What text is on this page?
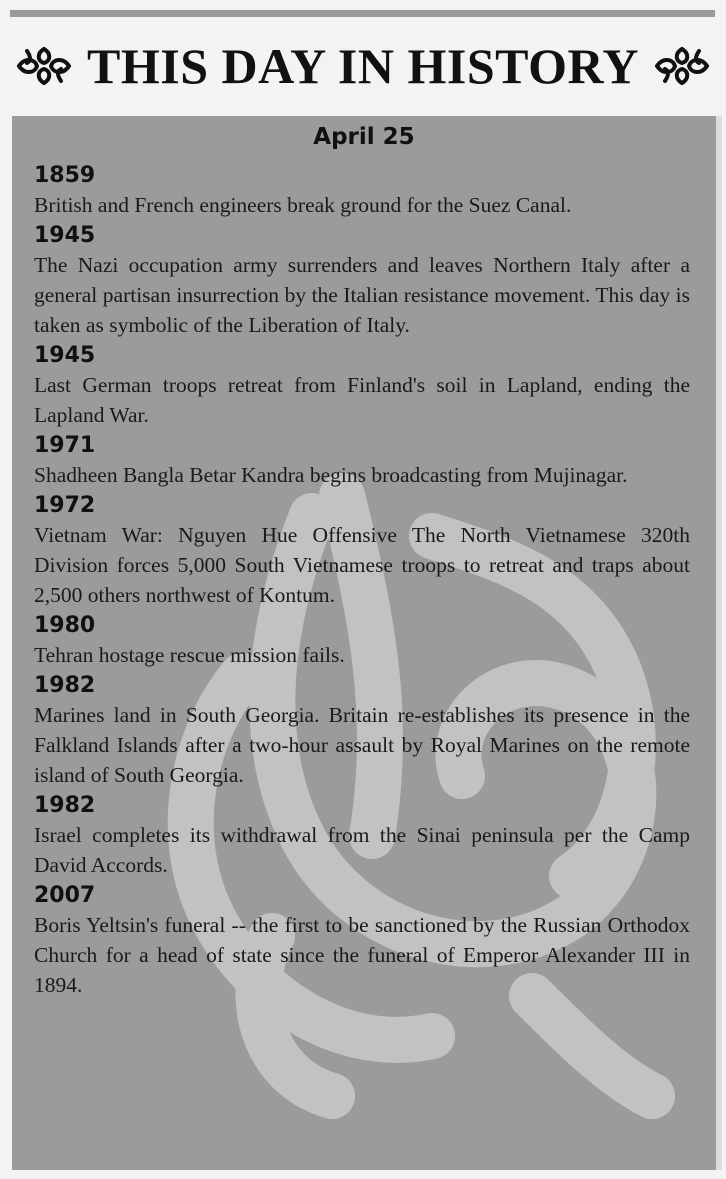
THIS DAY IN HISTORY
April 25
1859
British and French engineers break ground for the Suez Canal.
1945
The Nazi occupation army surrenders and leaves Northern Italy after a general partisan insurrection by the Italian resistance movement. This day is taken as symbolic of the Liberation of Italy.
1945
Last German troops retreat from Finland's soil in Lapland, ending the Lapland War.
1971
Shadheen Bangla Betar Kandra begins broadcasting from Mujinagar.
1972
Vietnam War: Nguyen Hue Offensive The North Vietnamese 320th Division forces 5,000 South Vietnamese troops to retreat and traps about 2,500 others northwest of Kontum.
1980
Tehran hostage rescue mission fails.
1982
Marines land in South Georgia. Britain re-establishes its presence in the Falkland Islands after a two-hour assault by Royal Marines on the remote island of South Georgia.
1982
Israel completes its withdrawal from the Sinai peninsula per the Camp David Accords.
2007
Boris Yeltsin's funeral -- the first to be sanctioned by the Russian Orthodox Church for a head of state since the funeral of Emperor Alexander III in 1894.
